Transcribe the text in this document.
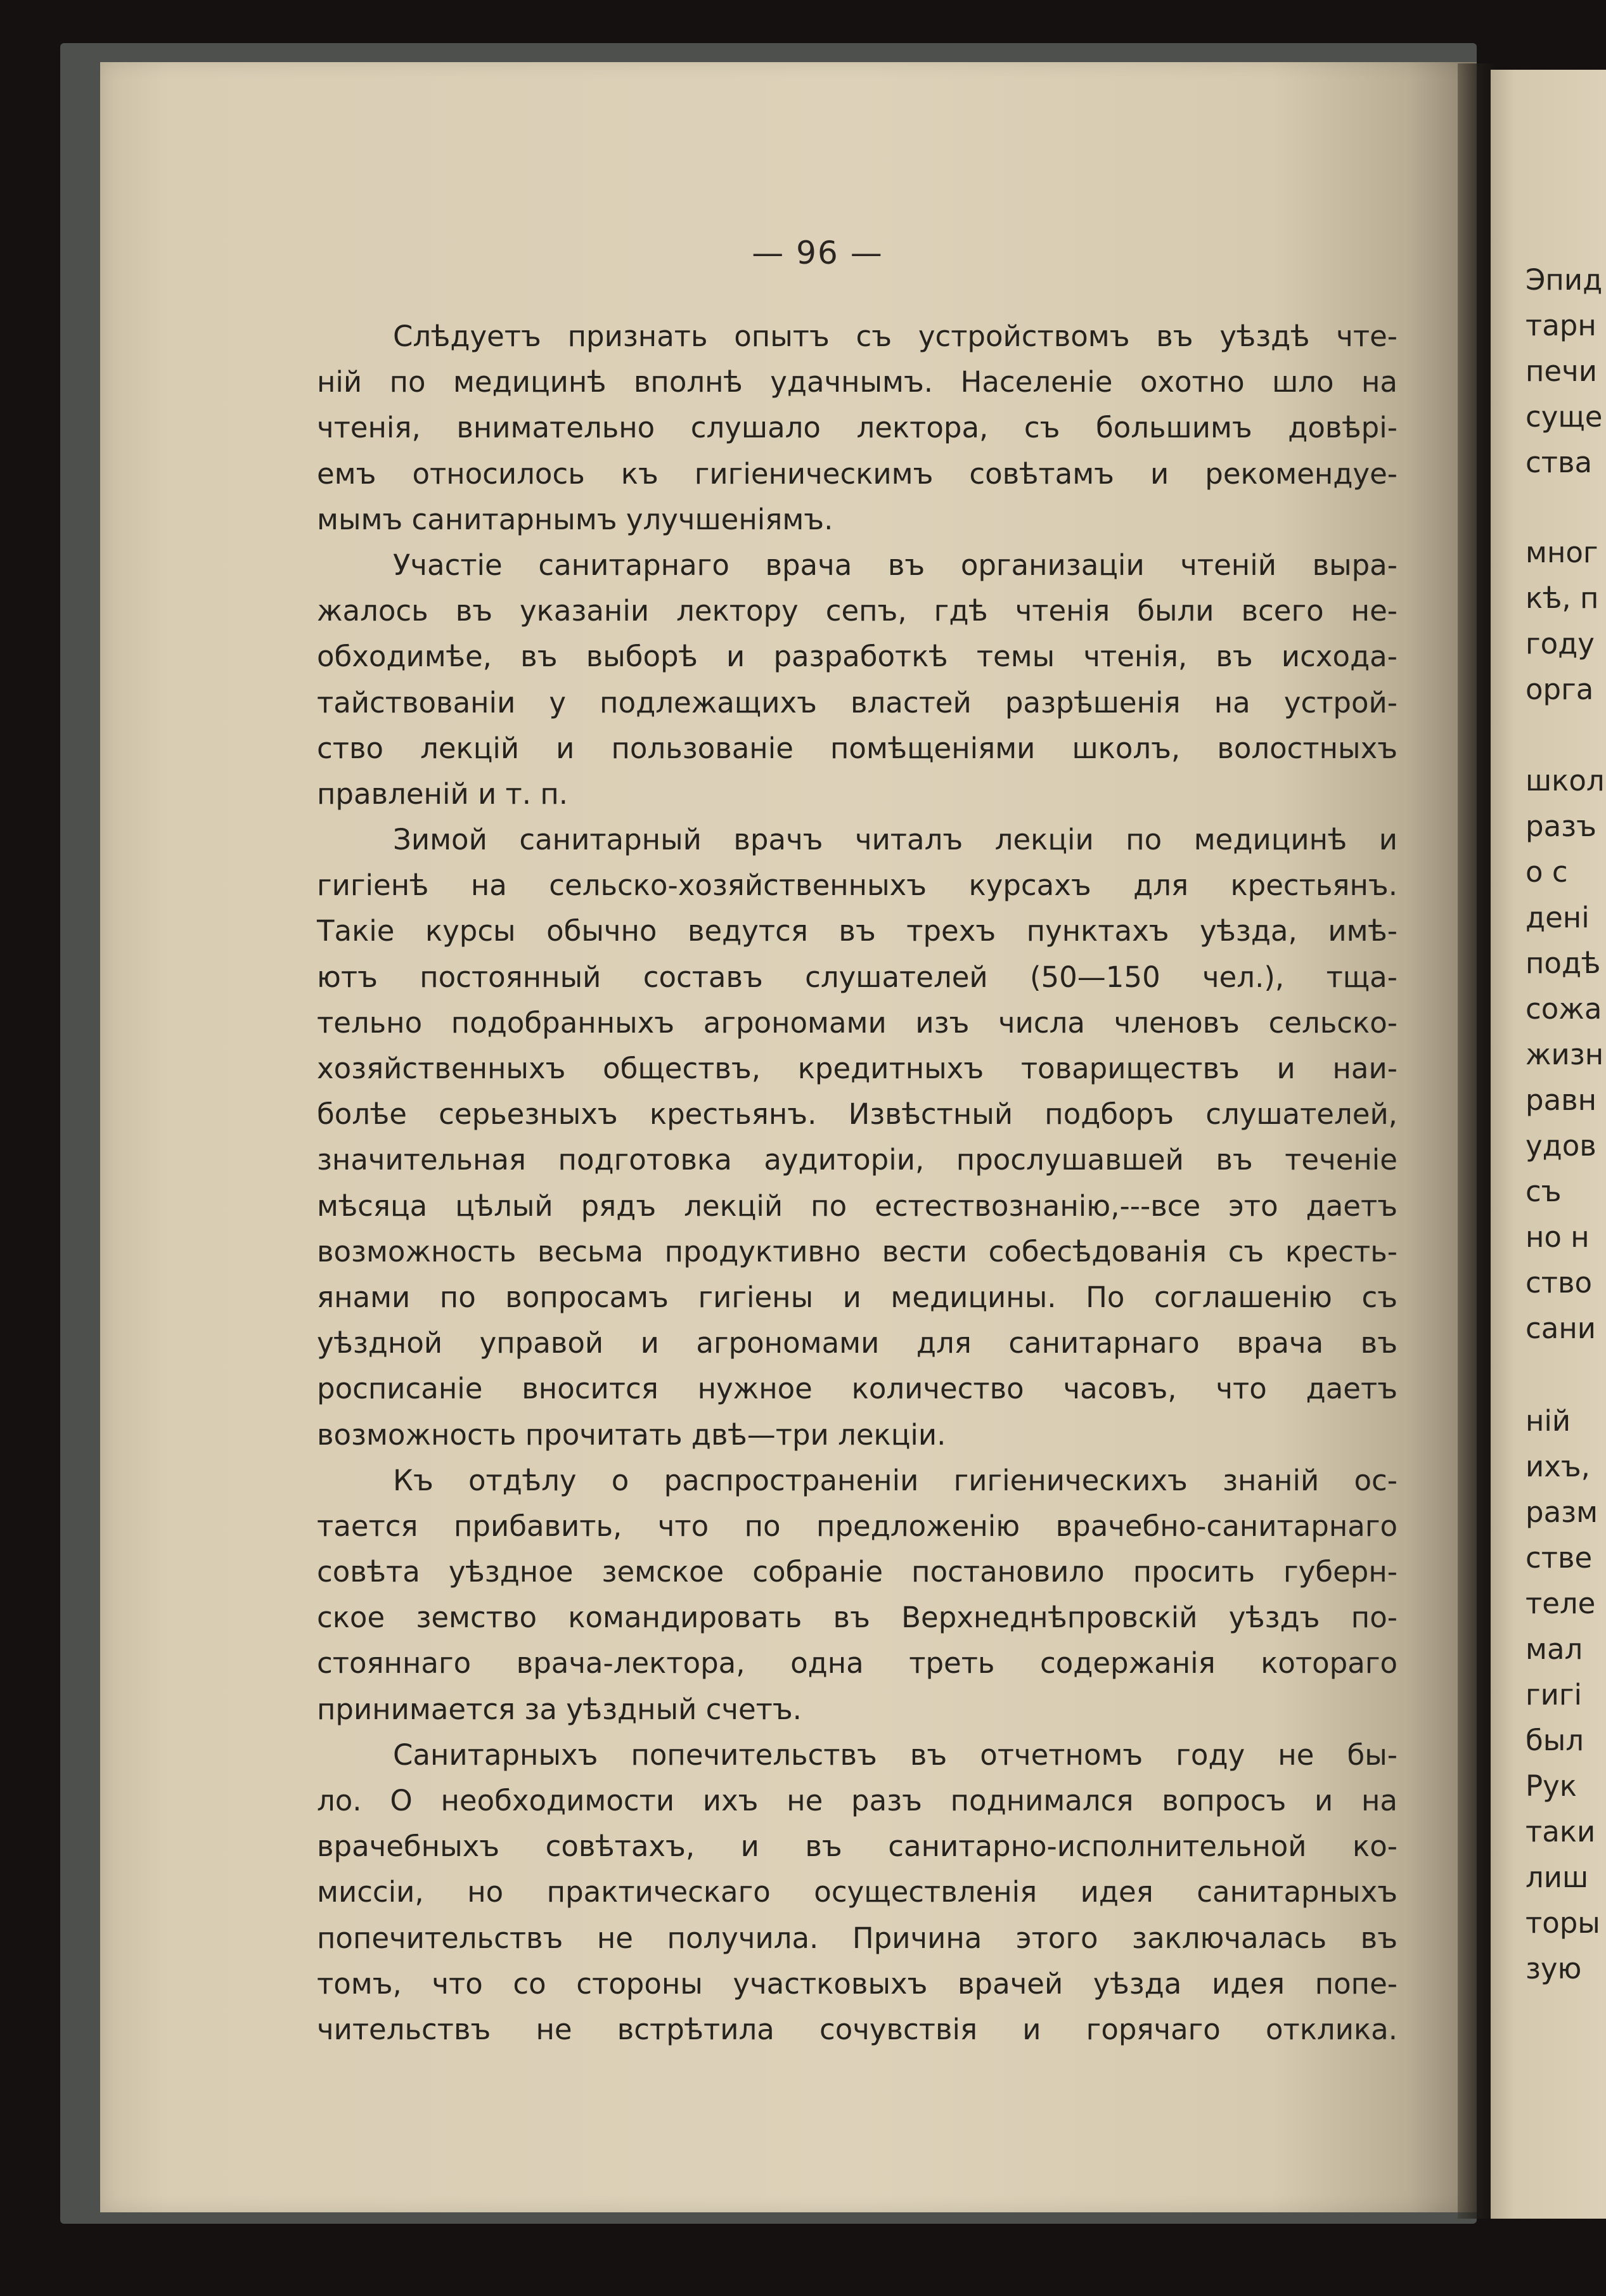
Эпид
тарн
печи
суще
ства
мног
кѣ, п
году
орга
школ
разъ
о с
денi
подѣ
сожа
жизн
равн
удов
съ
но н
ство
сани
нiй
ихъ,
разм
стве
теле
мал
гигi
был
Рук
таки
лиш
торы
зую
— 96 —
Слѣдуетъ признать опытъ съ устройствомъ въ уѣздѣ чте-
нiй по медицинѣ вполнѣ удачнымъ. Населенiе охотно шло на
чтенiя, внимательно слушало лектора, съ большимъ довѣрi-
емъ относилось къ гигiеническимъ совѣтамъ и рекомендуе-
мымъ санитарнымъ улучшенiямъ.
Участiе санитарнаго врача въ организацiи чтенiй выра-
жалось въ указанiи лектору сепъ, гдѣ чтенiя были всего не-
обходимѣе, въ выборѣ и разработкѣ темы чтенiя, въ исхода-
тайствованiи у подлежащихъ властей разрѣшенiя на устрой-
ство лекцiй и пользованiе помѣщенiями школъ, волостныхъ
правленiй и т. п.
Зимой санитарный врачъ читалъ лекцiи по медицинѣ и
гигiенѣ на сельско-хозяйственныхъ курсахъ для крестьянъ.
Такiе курсы обычно ведутся въ трехъ пунктахъ уѣзда, имѣ-
ютъ постоянный составъ слушателей (50—150 чел.), тща-
тельно подобранныхъ агрономами изъ числа членовъ сельско-
хозяйственныхъ обществъ, кредитныхъ товариществъ и наи-
болѣе серьезныхъ крестьянъ. Извѣстный подборъ слушателей,
значительная подготовка аудиторiи, прослушавшей въ теченiе
мѣсяца цѣлый рядъ лекцiй по естествознанiю,---все это даетъ
возможность весьма продуктивно вести собесѣдованiя съ кресть-
янами по вопросамъ гигiены и медицины. По соглашенiю съ
уѣздной управой и агрономами для санитарнаго врача въ
росписанiе вносится нужное количество часовъ, что даетъ
возможность прочитать двѣ—три лекцiи.
Къ отдѣлу о распространенiи гигiеническихъ знанiй ос-
тается прибавить, что по предложенiю врачебно-санитарнаго
совѣта уѣздное земское собранiе постановило просить губерн-
ское земство командировать въ Верхнеднѣпровскiй уѣздъ по-
стояннаго врача-лектора, одна треть содержанiя котораго
принимается за уѣздный счетъ.
Санитарныхъ попечительствъ въ отчетномъ году не бы-
ло. О необходимости ихъ не разъ поднимался вопросъ и на
врачебныхъ совѣтахъ, и въ санитарно-исполнительной ко-
миссiи, но практическаго осуществленiя идея санитарныхъ
попечительствъ не получила. Причина этого заключалась въ
томъ, что со стороны участковыхъ врачей уѣзда идея попе-
чительствъ не встрѣтила сочувствiя и горячаго отклика.
